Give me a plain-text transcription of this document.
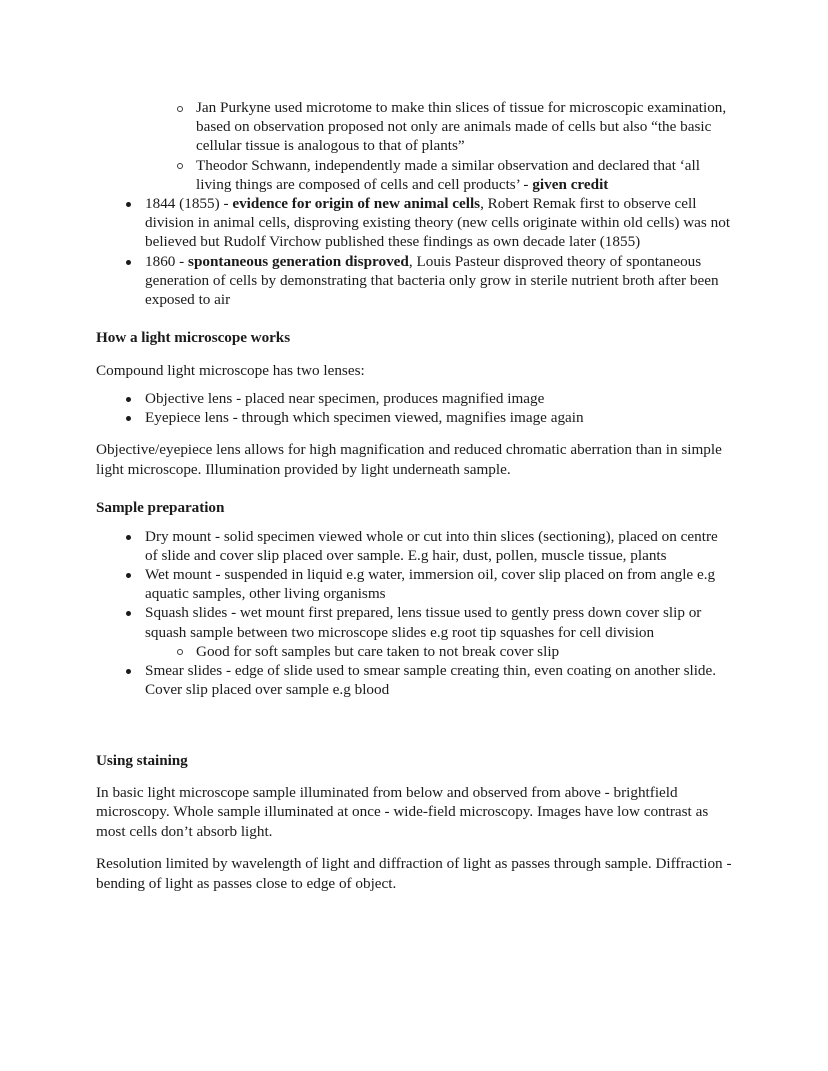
Jan Purkyne used microtome to make thin slices of tissue for microscopic examination, based on observation proposed not only are animals made of cells but also “the basic cellular tissue is analogous to that of plants”
Theodor Schwann, independently made a similar observation and declared that ‘all living things are composed of cells and cell products’ - given credit
1844 (1855) - evidence for origin of new animal cells, Robert Remak first to observe cell division in animal cells, disproving existing theory (new cells originate within old cells) was not believed but Rudolf Virchow published these findings as own decade later (1855)
1860 - spontaneous generation disproved, Louis Pasteur disproved theory of spontaneous generation of cells by demonstrating that bacteria only grow in sterile nutrient broth after been exposed to air
How a light microscope works

Compound light microscope has two lenses:

Objective lens - placed near specimen, produces magnified image
Eyepiece lens - through which specimen viewed, magnifies image again

Objective/eyepiece lens allows for high magnification and reduced chromatic aberration than in simple light microscope. Illumination provided by light underneath sample.

Sample preparation
Dry mount - solid specimen viewed whole or cut into thin slices (sectioning), placed on centre of slide and cover slip placed over sample. E.g hair, dust, pollen, muscle tissue, plants
Wet mount - suspended in liquid e.g water, immersion oil, cover slip placed on from angle e.g aquatic samples, other living organisms
Squash slides - wet mount first prepared, lens tissue used to gently press down cover slip or squash sample between two microscope slides e.g root tip squashes for cell division
Good for soft samples but care taken to not break cover slip
Smear slides - edge of slide used to smear sample creating thin, even coating on another slide. Cover slip placed over sample e.g blood
Using staining

In basic light microscope sample illuminated from below and observed from above - brightfield microscopy. Whole sample illuminated at once - wide-field microscopy. Images have low contrast as most cells don’t absorb light.

Resolution limited by wavelength of light and diffraction of light as passes through sample. Diffraction - bending of light as passes close to edge of object.
